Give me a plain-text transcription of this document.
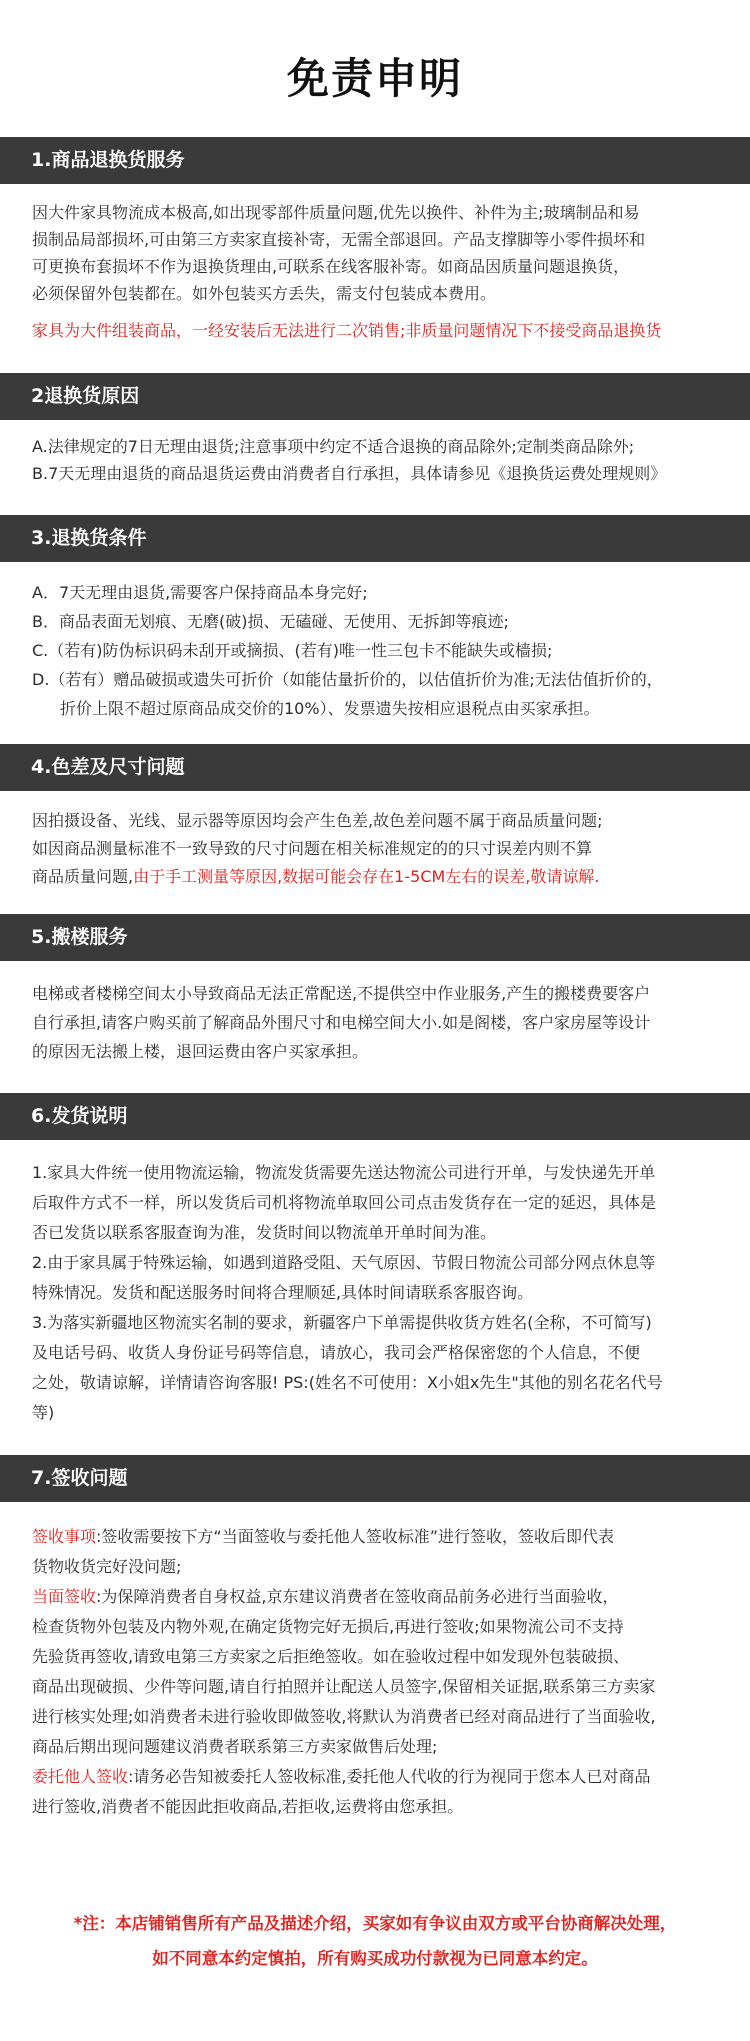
免责申明
1.商品退换货服务

因大件家具物流成本极高,如出现零部件质量问题,优先以换件、补件为主;玻璃制品和易

损制品局部损坏,可由第三方卖家直接补寄，无需全部退回。产品支撑脚等小零件损坏和

可更换布套损坏不作为退换货理由,可联系在线客服补寄。如商品因质量问题退换货，

必须保留外包装都在。如外包装买方丢失，需支付包装成本费用。

家具为大件组装商品，一经安装后无法进行二次销售;非质量问题情况下不接受商品退换货

2退换货原因

A.法律规定的7日无理由退货;注意事项中约定不适合退换的商品除外;定制类商品除外;

B.7天无理由退货的商品退货运费由消费者自行承担，具体请参见《退换货运费处理规则》

3.退换货条件

A．7天无理由退货,需要客户保持商品本身完好;

B．商品表面无划痕、无磨(破)损、无磕碰、无使用、无拆卸等痕迹;

C.（若有)防伪标识码未刮开或摘损、(若有)唯一性三包卡不能缺失或樯损;

D.（若有）赠品破损或遗失可折价（如能估量折价的，以估值折价为准;无法估值折价的，

折价上限不超过原商品成交价的10%）、发票遗失按相应退税点由买家承担。

4.色差及尺寸问题

因拍摄设备、光线、显示器等原因均会产生色差,故色差问题不属于商品质量问题;

如因商品测量标准不一致导致的尺寸问题在相关标准规定的的只寸误差内则不算

商品质量问题,由于手工测量等原因,数据可能会存在1-5CM左右的误差,敬请谅解.

5.搬楼服务

电梯或者楼梯空间太小导致商品无法正常配送,不提供空中作业服务,产生的搬楼费要客户

自行承担,请客户购买前了解商品外围尺寸和电梯空间大小.如是阁楼，客户家房屋等设计

的原因无法搬上楼，退回运费由客户买家承担。

6.发货说明

1.家具大件统一使用物流运输，物流发货需要先送达物流公司进行开单，与发快递先开单

后取件方式不一样，所以发货后司机将物流单取回公司点击发货存在一定的延迟，具体是

否已发货以联系客服查询为准，发货时间以物流单开单时间为准。

2.由于家具属于特殊运输，如遇到道路受阻、天气原因、节假日物流公司部分网点休息等

特殊情况。发货和配送服务时间将合理顺延,具体时间请联系客服咨询。

3.为落实新疆地区物流实名制的要求，新疆客户下单需提供收货方姓名(全称，不可简写)

及电话号码、收货人身份证号码等信息，请放心，我司会严格保密您的个人信息，不便

之处，敬请谅解，详情请咨询客服! PS:(姓名不可使用：X小姐x先生"其他的别名花名代号

等)

7.签收问题

签收事项:签收需要按下方“当面签收与委托他人签收标准”进行签收，签收后即代表

货物收货完好没问题;

当面签收:为保障消费者自身权益,京东建议消费者在签收商品前务必进行当面验收，

检查货物外包装及内物外观,在确定货物完好无损后,再进行签收;如果物流公司不支持

先验货再签收,请致电第三方卖家之后拒绝签收。如在验收过程中如发现外包装破损、

商品出现破损、少件等问题,请自行拍照并让配送人员签字,保留相关证据,联系第三方卖家

进行核实处理;如消费者未进行验收即做签收,将默认为消费者已经对商品进行了当面验收,

商品后期出现问题建议消费者联系第三方卖家做售后处理;

委托他人签收:请务必告知被委托人签收标准,委托他人代收的行为视同于您本人已对商品

进行签收,消费者不能因此拒收商品,若拒收,运费将由您承担。

*注：本店铺销售所有产品及描述介绍，买家如有争议由双方或平台协商解决处理，
如不同意本约定慎拍，所有购买成功付款视为已同意本约定。
